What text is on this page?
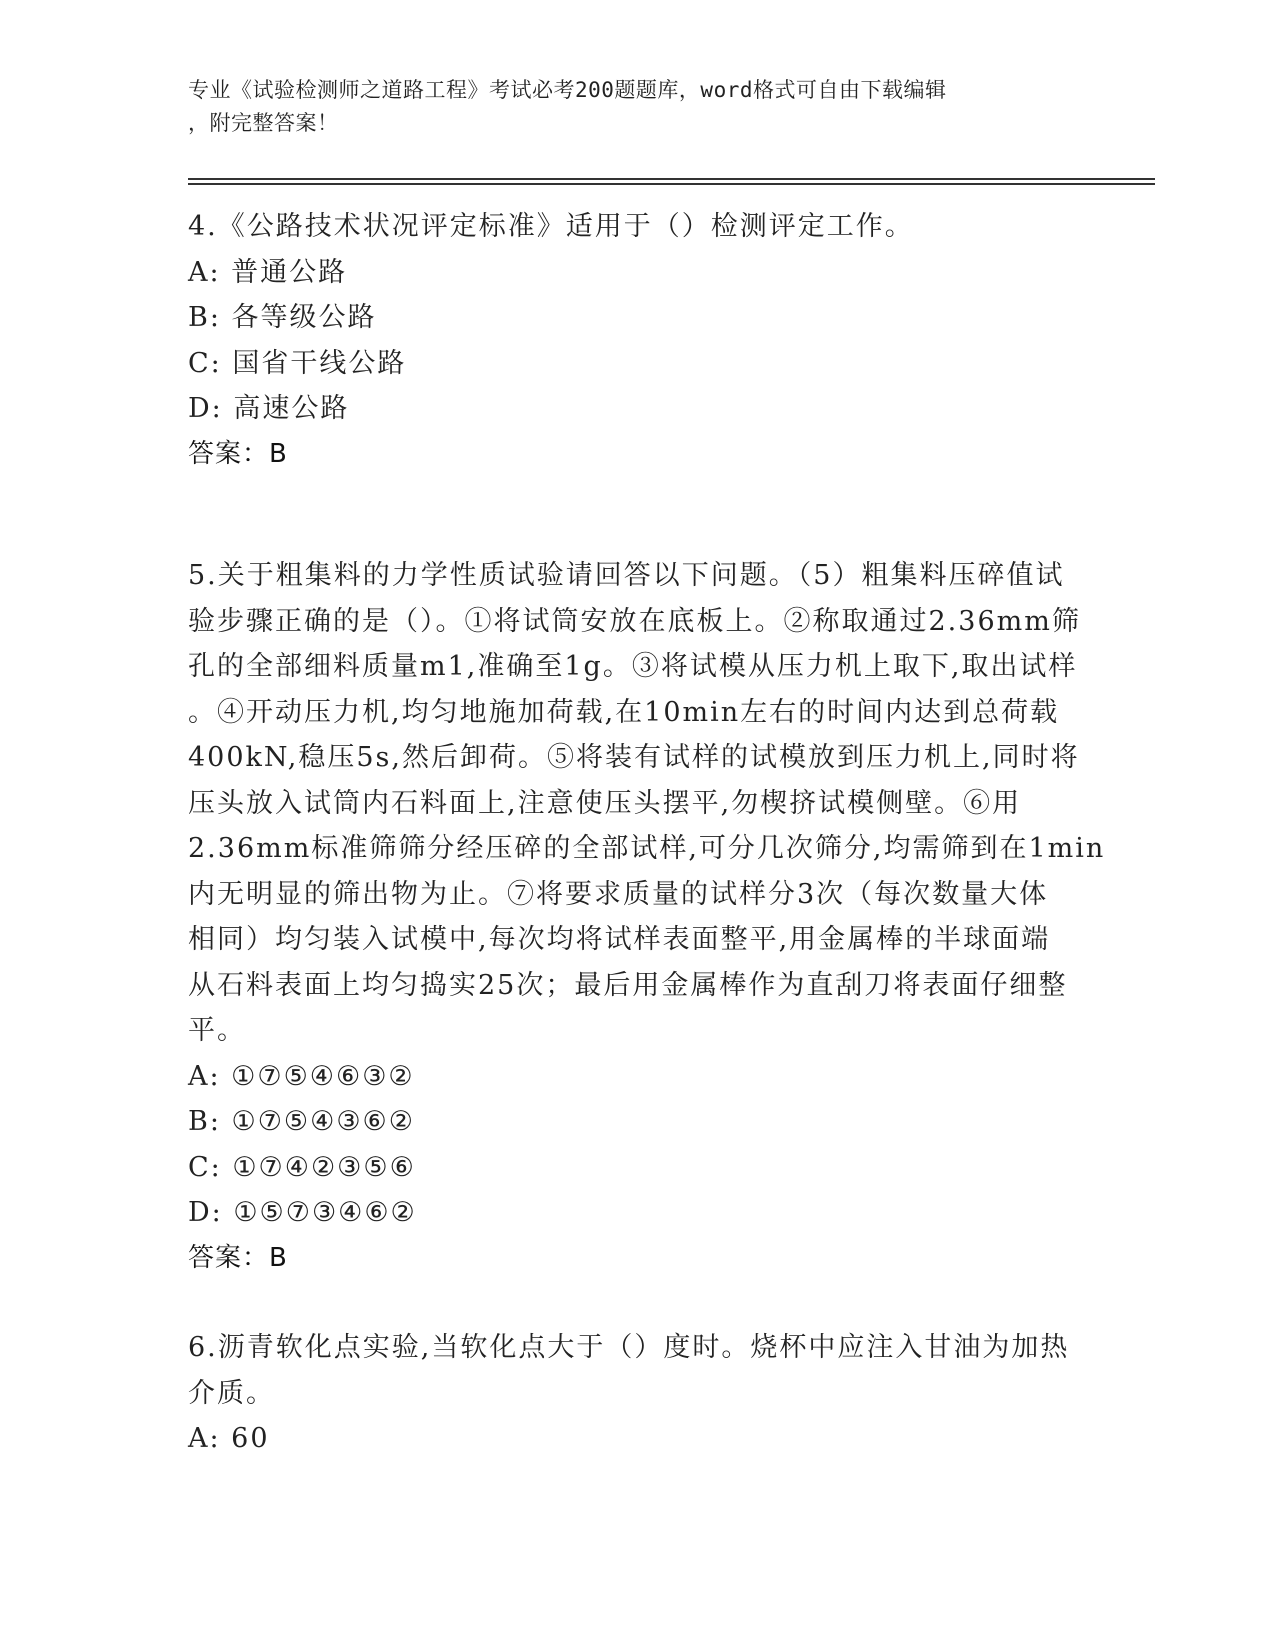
专业《试验检测师之道路工程》考试必考200题题库，word格式可自由下载编辑
，附完整答案！
4.《公路技术状况评定标准》适用于（）检测评定工作。
A: 普通公路
B: 各等级公路
C: 国省干线公路
D: 高速公路
答案：B
5.关于粗集料的力学性质试验请回答以下问题。（5）粗集料压碎值试
验步骤正确的是（）。①将试筒安放在底板上。②称取通过2.36mm筛
孔的全部细料质量m1,准确至1g。③将试模从压力机上取下,取出试样
。④开动压力机,均匀地施加荷载,在10min左右的时间内达到总荷载
400kN,稳压5s,然后卸荷。⑤将装有试样的试模放到压力机上,同时将
压头放入试筒内石料面上,注意使压头摆平,勿楔挤试模侧壁。⑥用
2.36mm标准筛筛分经压碎的全部试样,可分几次筛分,均需筛到在1min
内无明显的筛出物为止。⑦将要求质量的试样分3次（每次数量大体
相同）均匀装入试模中,每次均将试样表面整平,用金属棒的半球面端
从石料表面上均匀捣实25次；最后用金属棒作为直刮刀将表面仔细整
平。
A: ①⑦⑤④⑥③②
B: ①⑦⑤④③⑥②
C: ①⑦④②③⑤⑥
D: ①⑤⑦③④⑥②
答案：B
6.沥青软化点实验,当软化点大于（）度时。烧杯中应注入甘油为加热
介质。
A: 60
